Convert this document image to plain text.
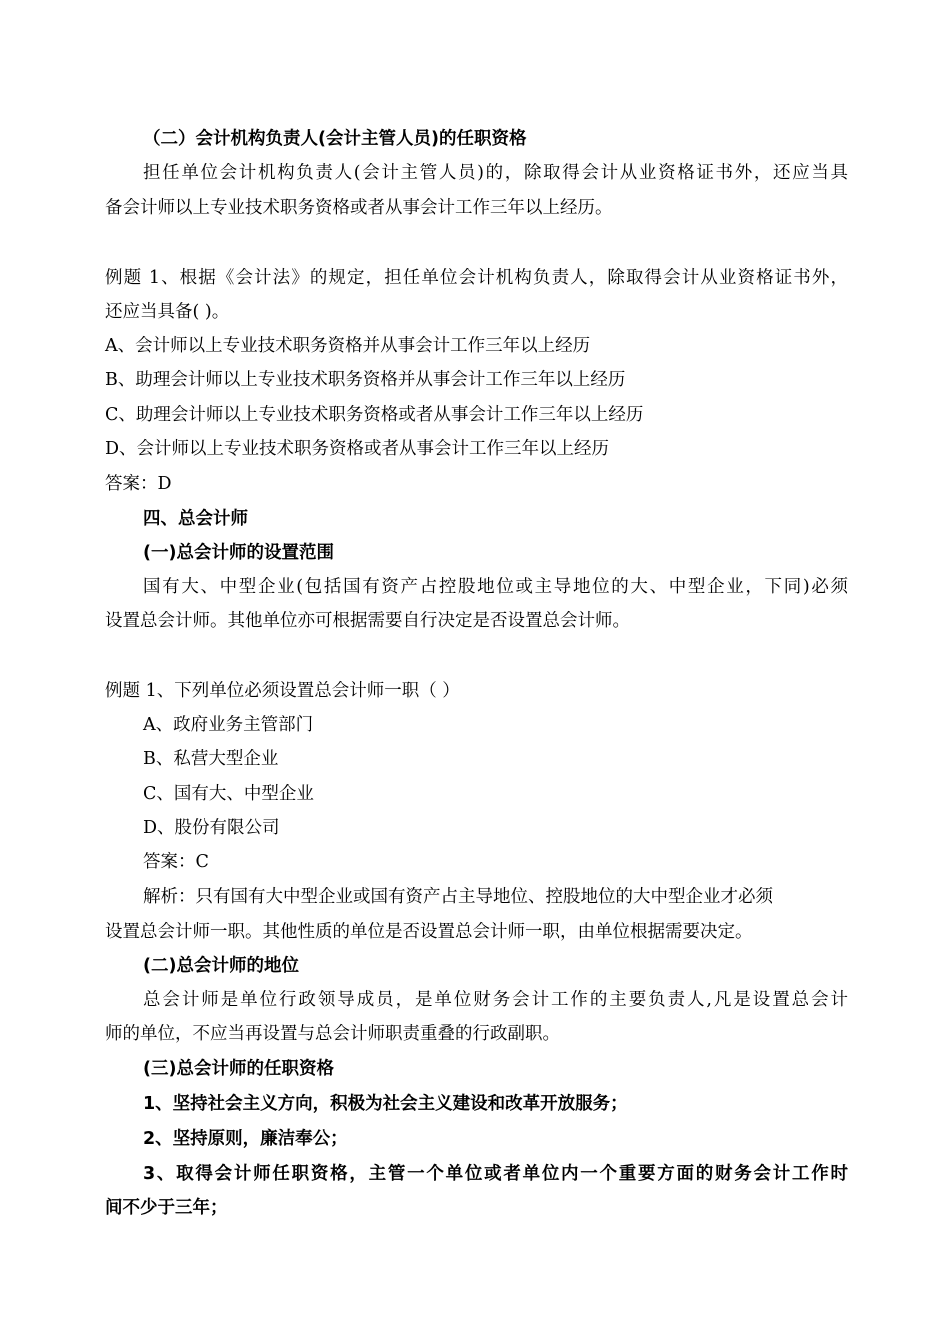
（二）会计机构负责人(会计主管人员)的任职资格
担任单位会计机构负责人(会计主管人员)的，除取得会计从业资格证书外，还应当具
备会计师以上专业技术职务资格或者从事会计工作三年以上经历。
例题 1、根据《会计法》的规定，担任单位会计机构负责人，除取得会计从业资格证书外，
还应当具备( )。
A、会计师以上专业技术职务资格并从事会计工作三年以上经历
B、助理会计师以上专业技术职务资格并从事会计工作三年以上经历
C、助理会计师以上专业技术职务资格或者从事会计工作三年以上经历
D、会计师以上专业技术职务资格或者从事会计工作三年以上经历
答案：D
四、总会计师
(一)总会计师的设置范围
国有大、中型企业(包括国有资产占控股地位或主导地位的大、中型企业，下同)必须
设置总会计师。其他单位亦可根据需要自行决定是否设置总会计师。
例题 1、下列单位必须设置总会计师一职（ ）
A、政府业务主管部门
B、私营大型企业
C、国有大、中型企业
D、股份有限公司
答案：C
解析：只有国有大中型企业或国有资产占主导地位、控股地位的大中型企业才必须
设置总会计师一职。其他性质的单位是否设置总会计师一职，由单位根据需要决定。
(二)总会计师的地位
总会计师是单位行政领导成员，是单位财务会计工作的主要负责人,凡是设置总会计
师的单位，不应当再设置与总会计师职责重叠的行政副职。
(三)总会计师的任职资格
1、坚持社会主义方向，积极为社会主义建设和改革开放服务；
2、坚持原则，廉洁奉公；
3、取得会计师任职资格，主管一个单位或者单位内一个重要方面的财务会计工作时
间不少于三年；
